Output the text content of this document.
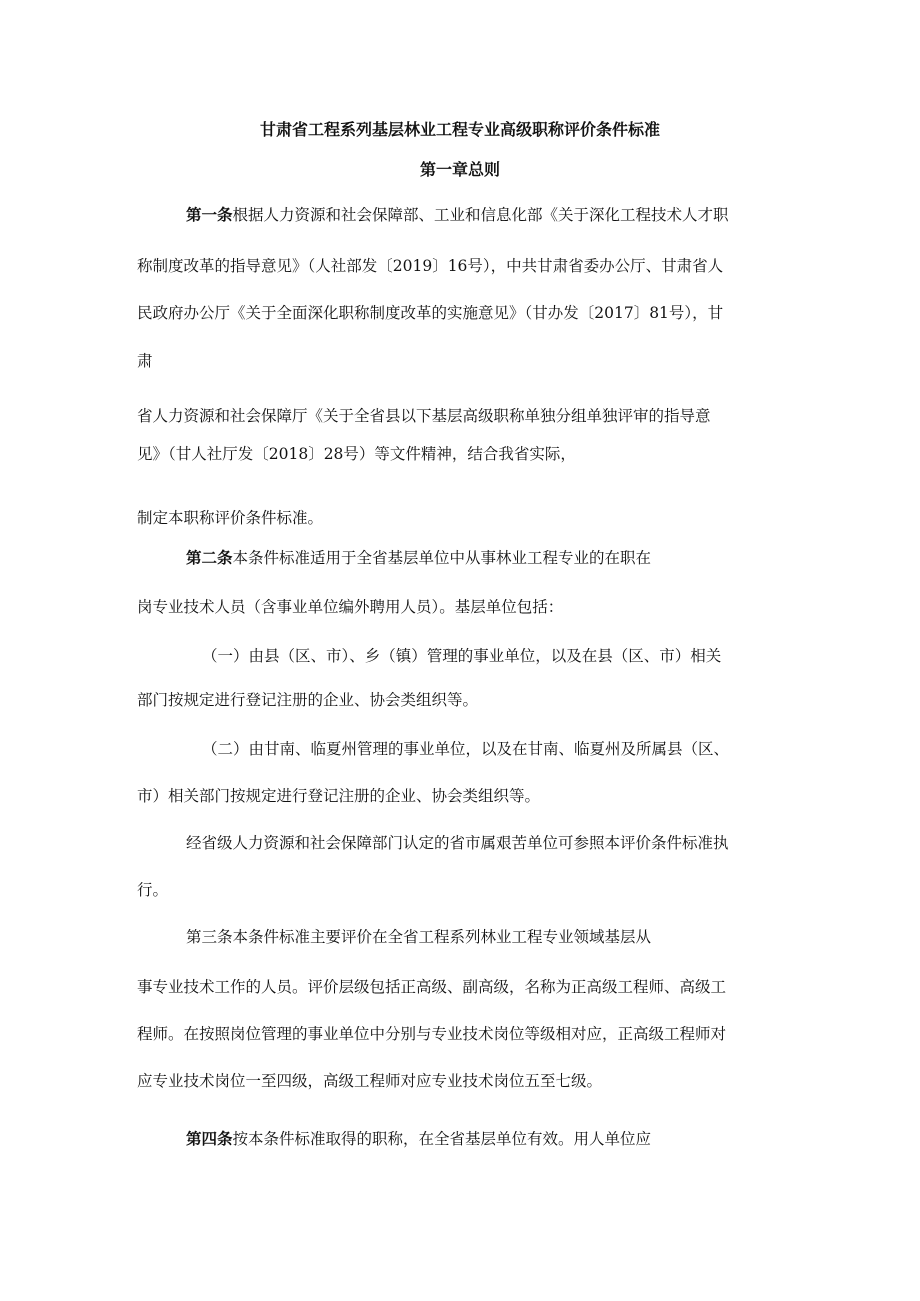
甘肃省工程系列基层林业工程专业高级职称评价条件标准
第一章总则
第一条根据人力资源和社会保障部、工业和信息化部《关于深化工程技术人才职
称制度改革的指导意见》（人社部发〔2019〕16号），中共甘肃省委办公厅、甘肃省人
民政府办公厅《关于全面深化职称制度改革的实施意见》（甘办发〔2017〕81号），甘
肃
省人力资源和社会保障厅《关于全省县以下基层高级职称单独分组单独评审的指导意
见》（甘人社厅发〔2018〕28号）等文件精神，结合我省实际，
制定本职称评价条件标准。
第二条本条件标准适用于全省基层单位中从事林业工程专业的在职在
岗专业技术人员（含事业单位编外聘用人员）。基层单位包括：
（一）由县（区、市）、乡（镇）管理的事业单位，以及在县（区、市）相关
部门按规定进行登记注册的企业、协会类组织等。
（二）由甘南、临夏州管理的事业单位，以及在甘南、临夏州及所属县（区、
市）相关部门按规定进行登记注册的企业、协会类组织等。
经省级人力资源和社会保障部门认定的省市属艰苦单位可参照本评价条件标准执
行。
第三条本条件标准主要评价在全省工程系列林业工程专业领域基层从
事专业技术工作的人员。评价层级包括正高级、副高级，名称为正高级工程师、高级工
程师。在按照岗位管理的事业单位中分别与专业技术岗位等级相对应，正高级工程师对
应专业技术岗位一至四级，高级工程师对应专业技术岗位五至七级。
第四条按本条件标准取得的职称，在全省基层单位有效。用人单位应
